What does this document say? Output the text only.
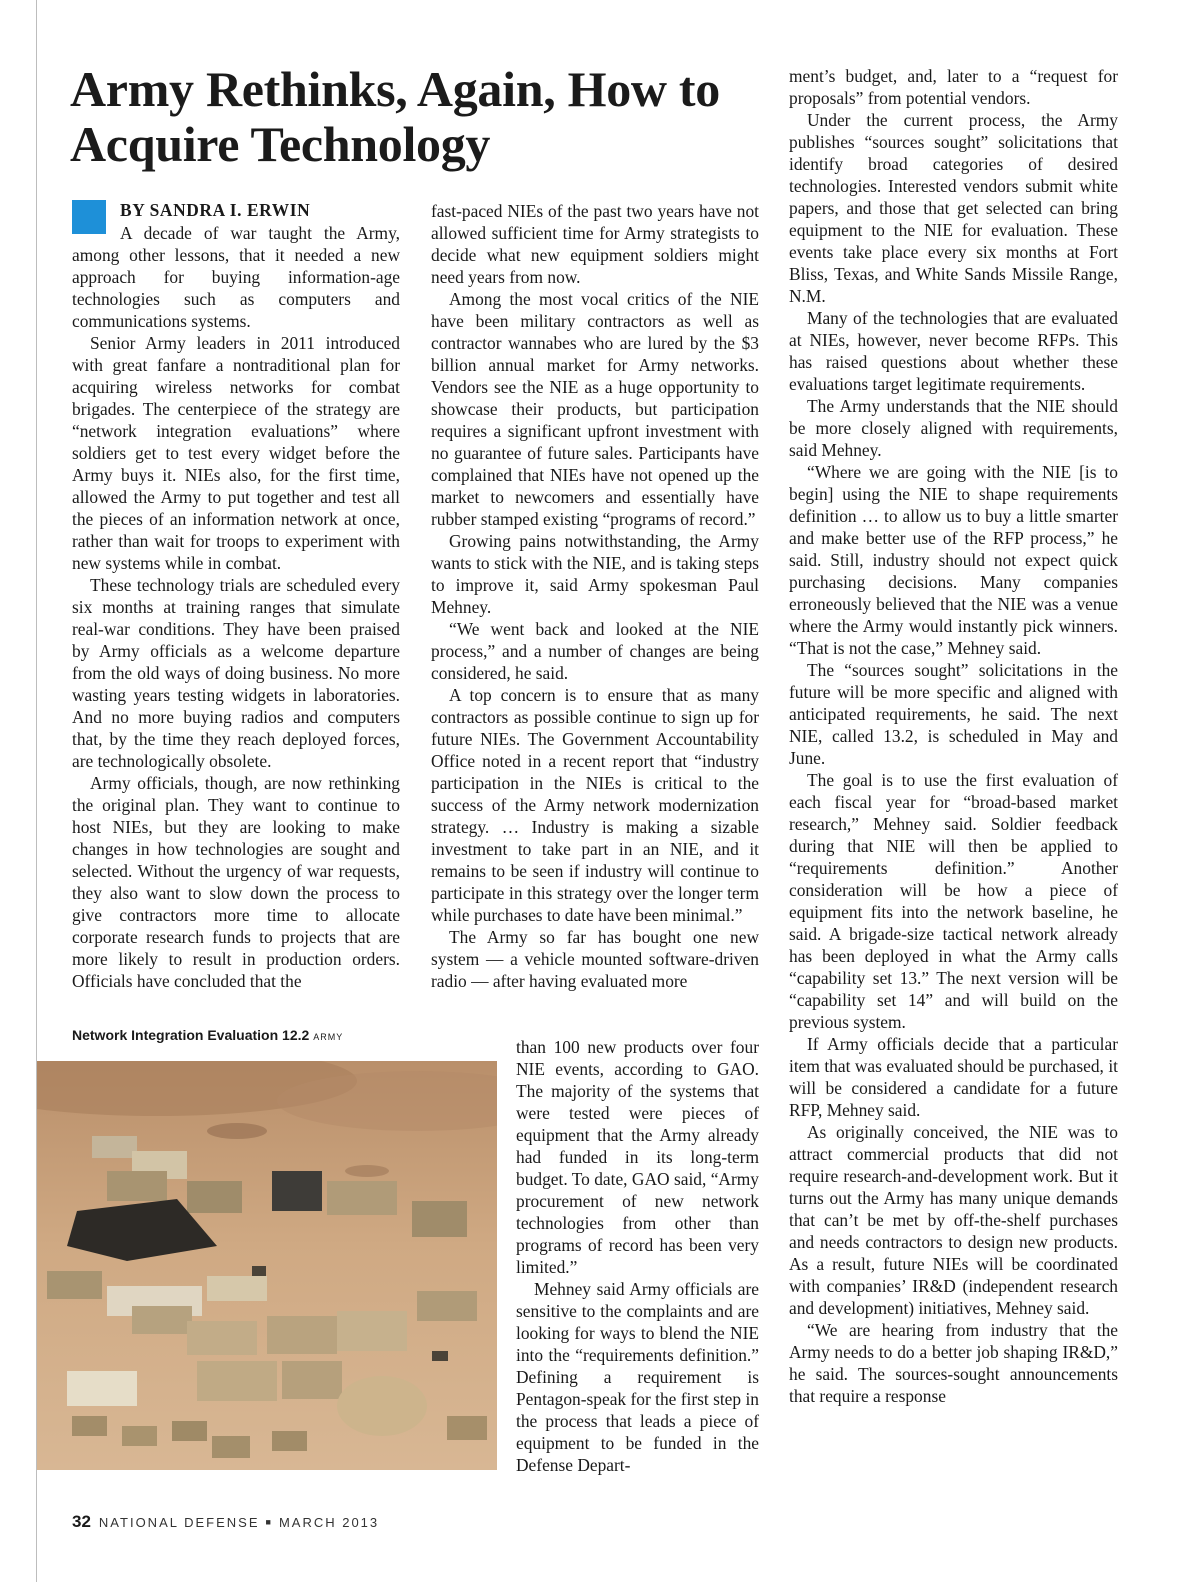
Army Rethinks, Again, How to Acquire Technology
BY SANDRA I. ERWIN

A decade of war taught the Army, among other lessons, that it needed a new approach for buying information-age technologies such as computers and communications systems.

Senior Army leaders in 2011 introduced with great fanfare a nontraditional plan for acquiring wireless networks for combat brigades. The centerpiece of the strategy are “network integration evaluations” where soldiers get to test every widget before the Army buys it. NIEs also, for the first time, allowed the Army to put together and test all the pieces of an information network at once, rather than wait for troops to experiment with new systems while in combat.

These technology trials are scheduled every six months at training ranges that simulate real-war conditions. They have been praised by Army officials as a welcome departure from the old ways of doing business. No more wasting years testing widgets in laboratories. And no more buying radios and computers that, by the time they reach deployed forces, are technologically obsolete.

Army officials, though, are now rethinking the original plan. They want to continue to host NIEs, but they are looking to make changes in how technologies are sought and selected. Without the urgency of war requests, they also want to slow down the process to give contractors more time to allocate corporate research funds to projects that are more likely to result in production orders. Officials have concluded that the

fast-paced NIEs of the past two years have not allowed sufficient time for Army strategists to decide what new equipment soldiers might need years from now.

Among the most vocal critics of the NIE have been military contractors as well as contractor wannabes who are lured by the $3 billion annual market for Army networks. Vendors see the NIE as a huge opportunity to showcase their products, but participation requires a significant upfront investment with no guarantee of future sales. Participants have complained that NIEs have not opened up the market to newcomers and essentially have rubber stamped existing “programs of record.”

Growing pains notwithstanding, the Army wants to stick with the NIE, and is taking steps to improve it, said Army spokesman Paul Mehney.

“We went back and looked at the NIE process,” and a number of changes are being considered, he said.

A top concern is to ensure that as many contractors as possible continue to sign up for future NIEs. The Government Accountability Office noted in a recent report that “industry participation in the NIEs is critical to the success of the Army network modernization strategy. … Industry is making a sizable investment to take part in an NIE, and it remains to be seen if industry will continue to participate in this strategy over the longer term while purchases to date have been minimal.”

The Army so far has bought one new system — a vehicle mounted software-driven radio — after having evaluated more

than 100 new products over four NIE events, according to GAO. The majority of the systems that were tested were pieces of equipment that the Army already had funded in its long-term budget. To date, GAO said, “Army procurement of new network technologies from other than programs of record has been very limited.”

Mehney said Army officials are sensitive to the complaints and are looking for ways to blend the NIE into the “requirements definition.” Defining a requirement is Pentagon-speak for the first step in the process that leads a piece of equipment to be funded in the Defense Depart-

ment’s budget, and, later to a “request for proposals” from potential vendors.

Under the current process, the Army publishes “sources sought” solicitations that identify broad categories of desired technologies. Interested vendors submit white papers, and those that get selected can bring equipment to the NIE for evaluation. These events take place every six months at Fort Bliss, Texas, and White Sands Missile Range, N.M.

Many of the technologies that are evaluated at NIEs, however, never become RFPs. This has raised questions about whether these evaluations target legitimate requirements.

The Army understands that the NIE should be more closely aligned with requirements, said Mehney.

“Where we are going with the NIE [is to begin] using the NIE to shape requirements definition … to allow us to buy a little smarter and make better use of the RFP process,” he said. Still, industry should not expect quick purchasing decisions. Many companies erroneously believed that the NIE was a venue where the Army would instantly pick winners. “That is not the case,” Mehney said.

The “sources sought” solicitations in the future will be more specific and aligned with anticipated requirements, he said. The next NIE, called 13.2, is scheduled in May and June.

The goal is to use the first evaluation of each fiscal year for “broad-based market research,” Mehney said. Soldier feedback during that NIE will then be applied to “requirements definition.” Another consideration will be how a piece of equipment fits into the network baseline, he said. A brigade-size tactical network already has been deployed in what the Army calls “capability set 13.” The next version will be “capability set 14” and will build on the previous system.

If Army officials decide that a particular item that was evaluated should be purchased, it will be considered a candidate for a future RFP, Mehney said.

As originally conceived, the NIE was to attract commercial products that did not require research-and-development work. But it turns out the Army has many unique demands that can’t be met by off-the-shelf purchases and needs contractors to design new products. As a result, future NIEs will be coordinated with companies’ IR&D (independent research and development) initiatives, Mehney said.

“We are hearing from industry that the Army needs to do a better job shaping IR&D,” he said. The sources-sought announcements that require a response

Network Integration Evaluation 12.2 ARMY
32 NATIONAL DEFENSE ■ MARCH 2013
